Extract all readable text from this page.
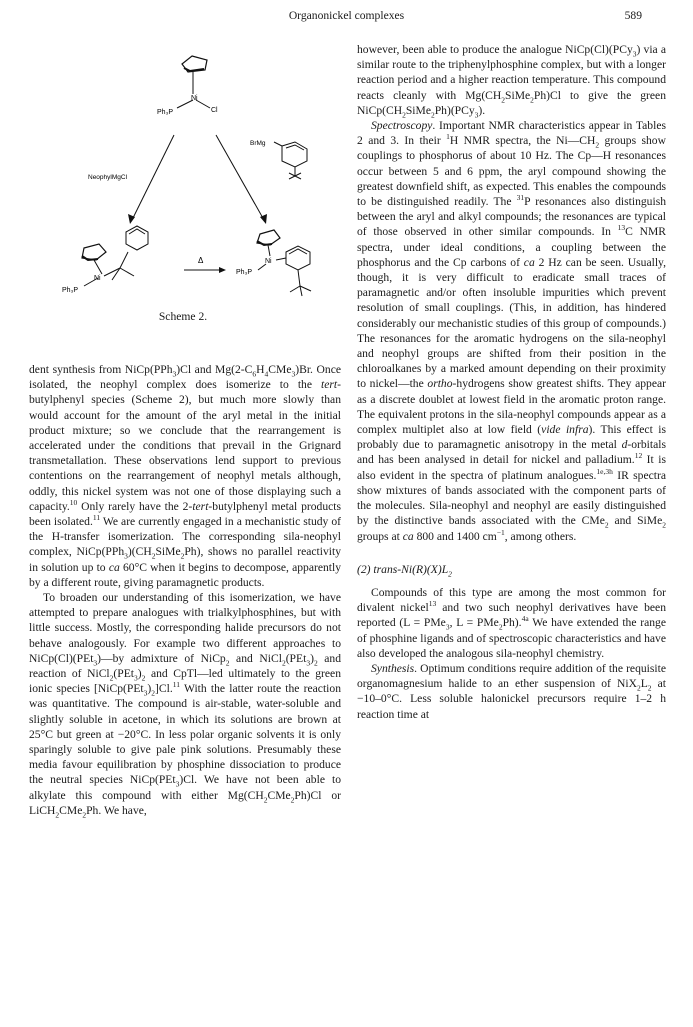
Organonickel complexes	589
Ni
Ph₃P	Cl
NeophylMgCl
BrMg
Ni
Ph₃P
Δ	Ni
Ph₃P
Scheme 2.

dent synthesis from NiCp(PPh$_3$)Cl and $Mg(2-C_6H_4CMe_3)Br$. Once isolated, the neophyl complex does isomerize to the tert-butylphenyl species (Scheme 2), but much more slowly than would account for the amount of the aryl metal in the initial product mixture; so we conclude that the rearrangement is accelerated under the conditions that prevail in the Grignard transmetallation. These observations lend support to previous contentions on the rearrangement of neophyl metals although, oddly, this nickel system was not one of those displaying such a capacity.$^{10}$ Only rarely have the 2-tert-butylphenyl metal products been isolated.$^{11}$ We are currently engaged in a mechanistic study of the H-transfer isomerization. The corresponding sila-neophyl complex, $NiCp(PPh_3)(CH_2SiMe_2Ph)$, shows no parallel reactivity in solution up to ca 60°C when it begins to decompose, apparently by a different route, giving paramagnetic products.

To broaden our understanding of this isomerization, we have attempted to prepare analogues with trialkylphosphines, but with little success. Mostly, the corresponding halide precursors do not behave analogously. For example two different approaches to NiCp(Cl)(PEt$_3$)—by admixture of NiCp$_2$ and $NiCl_2(PEt_3)_2$ and reaction of $NiCl_2(PEt_3)_2$ and CpTl—led ultimately to the green ionic species $[NiCp(PEt_3)_2]Cl.^{11}$ With the latter route the reaction was quantitative. The compound is air-stable, water-soluble and slightly soluble in acetone, in which its solutions are brown at 25°C but green at −20°C. In less polar organic solvents it is only sparingly soluble to give pale pink solutions. Presumably these media favour equilibration by phosphine dissociation to produce the neutral species NiCp(PEt$_3$)Cl. We have not been able to alkylate this compound with either $Mg(CH_2CMe_2Ph)Cl$ or LiCH$_2$CMe$_2$Ph. We have,

however, been able to produce the analogue NiCp(Cl)(PCy$_3$) via a similar route to the triphenylphosphine complex, but with a longer reaction period and a higher reaction temperature. This compound reacts cleanly with $Mg(CH_2SiMe_2Ph)Cl$ to give the green $NiCp(CH_2SiMe_2Ph)(PCy_3)$.

Spectroscopy. Important NMR characteristics appear in Tables 2 and 3. In their $^1$H NMR spectra, the $Ni—CH_2$ groups show couplings to phosphorus of about 10 Hz. The Cp—H resonances occur between 5 and 6 ppm, the aryl compound showing the greatest downfield shift, as expected. This enables the compounds to be distinguished readily. The $^{31}$P resonances also distinguish between the aryl and alkyl compounds; the resonances are typical of those observed in other similar compounds. In $^{13}$C NMR spectra, under ideal conditions, a coupling between the phosphorus and the Cp carbons of ca 2 Hz can be seen. Usually, though, it is very difficult to eradicate small traces of paramagnetic and/or often insoluble impurities which prevent resolution of small couplings. (This, in addition, has hindered considerably our mechanistic studies of this group of compounds.) The resonances for the aromatic hydrogens on the sila-neophyl and neophyl groups are shifted from their position in the chloroalkanes by a marked amount depending on their proximity to nickel—the ortho-hydrogens show greatest shifts. They appear as a discrete doublet at lowest field in the aromatic proton range. The equivalent protons in the sila-neophyl compounds appear as a complex multiplet also at low field (vide infra). This effect is probably due to paramagnetic anisotropy in the metal d-orbitals and has been analysed in detail for nickel and palladium.$^{12}$ It is also evident in the spectra of platinum analogues.$^{1e,3h}$ IR spectra show mixtures of bands associated with the component parts of the molecules. Sila-neophyl and neophyl are easily distinguished by the distinctive bands associated with the CMe$_2$ and SiMe$_2$ groups at ca 800 and 1400 $cm^{-1}$, among others.

(2) trans-$Ni(R)(X)L_2$

Compounds of this type are among the most common for divalent nickel$^{13}$ and two such neophyl derivatives have been reported (L = PMe$_3$, L = PMe$_2$Ph).$^{4a}$ We have extended the range of phosphine ligands and of spectroscopic characteristics and have also developed the analogous sila-neophyl chemistry.

Synthesis. Optimum conditions require addition of the requisite organomagnesium halide to an ether suspension of $NiX_2L_2$ at −10–0°C. Less soluble halonickel precursors require 1–2 h reaction time at
